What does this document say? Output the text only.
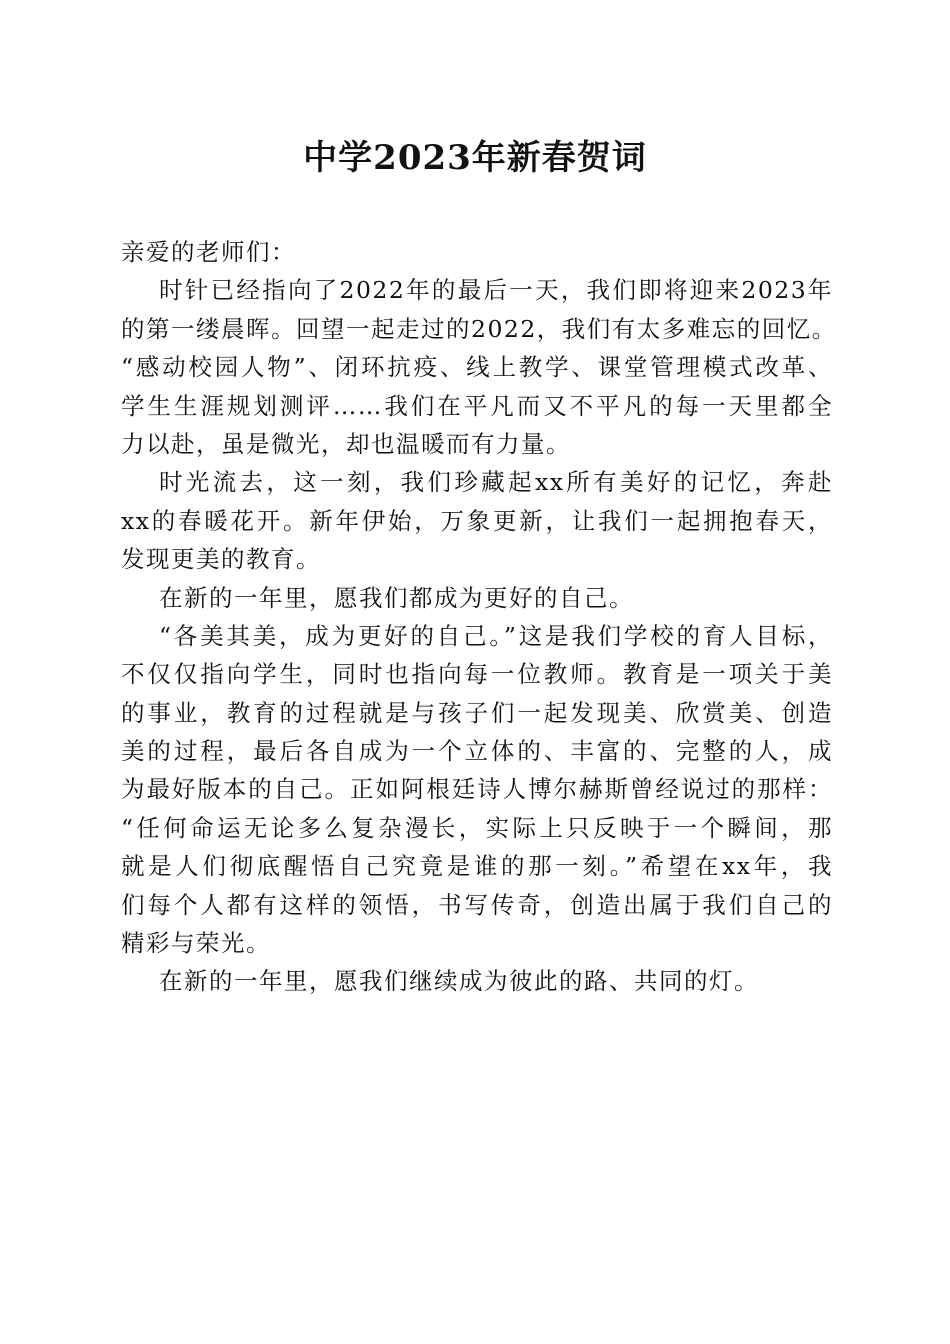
中学2023年新春贺词
亲爱的老师们：
时针已经指向了2022年的最后一天，我们即将迎来2023年
的第一缕晨晖。回望一起走过的2022，我们有太多难忘的回忆。
“感动校园人物”、闭环抗疫、线上教学、课堂管理模式改革、
学生生涯规划测评……我们在平凡而又不平凡的每一天里都全
力以赴，虽是微光，却也温暖而有力量。
时光流去，这一刻，我们珍藏起xx所有美好的记忆，奔赴
xx的春暖花开。新年伊始，万象更新，让我们一起拥抱春天，
发现更美的教育。
在新的一年里，愿我们都成为更好的自己。
“各美其美，成为更好的自己。”这是我们学校的育人目标，
不仅仅指向学生，同时也指向每一位教师。教育是一项关于美
的事业，教育的过程就是与孩子们一起发现美、欣赏美、创造
美的过程，最后各自成为一个立体的、丰富的、完整的人，成
为最好版本的自己。正如阿根廷诗人博尔赫斯曾经说过的那样：
“任何命运无论多么复杂漫长，实际上只反映于一个瞬间，那
就是人们彻底醒悟自己究竟是谁的那一刻。”希望在xx年，我
们每个人都有这样的领悟，书写传奇，创造出属于我们自己的
精彩与荣光。
在新的一年里，愿我们继续成为彼此的路、共同的灯。
